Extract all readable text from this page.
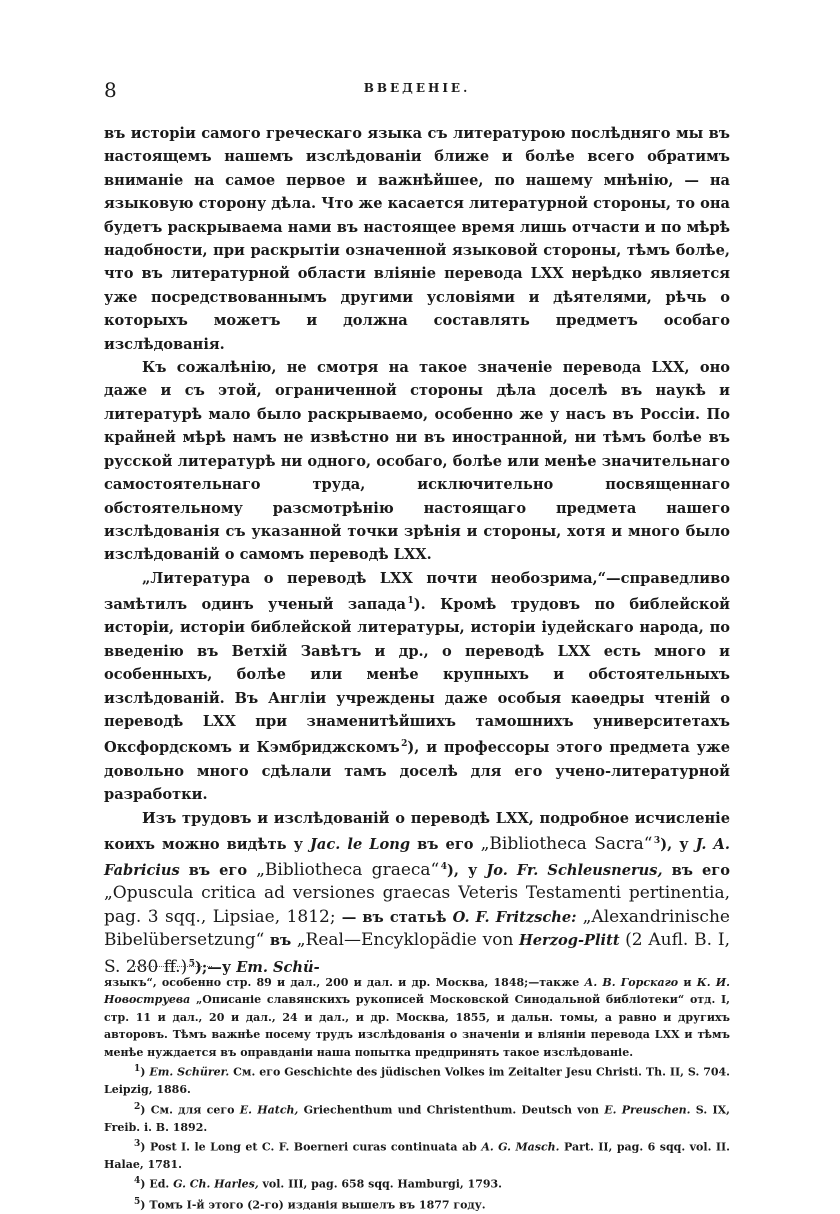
8	ВВЕДЕНІЕ.

въ исторіи самого греческаго языка съ литературою послѣдняго мы въ настоящемъ нашемъ изслѣдованіи ближе и болѣе всего обратимъ вниманіе на самое первое и важнѣйшее, по нашему мнѣнію, — на языковую сторону дѣла. Что же касается литературной стороны, то она будетъ раскрываема нами въ настоящее время лишь отчасти и по мѣрѣ надобности, при раскрытіи означенной языковой стороны, тѣмъ болѣе, что въ литературной области вліяніе перевода LXX нерѣдко является уже посредствованнымъ другими условіями и дѣятелями, рѣчь о которыхъ можетъ и должна составлять предметъ особаго изслѣдованія.

Къ сожалѣнію, не смотря на такое значеніе перевода LXX, оно даже и съ этой, ограниченной стороны дѣла доселѣ въ наукѣ и литературѣ мало было раскрываемо, особенно же у насъ въ Россіи. По крайней мѣрѣ намъ не извѣстно ни въ иностранной, ни тѣмъ болѣе въ русской литературѣ ни одного, особаго, болѣе или менѣе значительнаго самостоятельнаго труда, исключительно посвященнаго обстоятельному разсмотрѣнію настоящаго предмета нашего изслѣдованія съ указанной точки зрѣнія и стороны, хотя и много было изслѣдованій о самомъ переводѣ LXX.

„Литература о переводѣ LXX почти необозрима,“—справедливо замѣтилъ одинъ ученый запада $^1$). Кромѣ трудовъ по библейской исторіи, исторіи библейской литературы, исторіи іудейскаго народа, по введенію въ Ветхій Завѣтъ и др., о переводѣ LXX есть много и особенныхъ, болѣе или менѣе крупныхъ и обстоятельныхъ изслѣдованій. Въ Англіи учреждены даже особыя каѳедры чтеній о переводѣ LXX при знаменитѣйшихъ тамошнихъ университетахъ Оксфордскомъ и Кэмбриджскомъ $^2$), и профессоры этого предмета уже довольно много сдѣлали тамъ доселѣ для его учено-литературной разработки.

Изъ трудовъ и изслѣдованій о переводѣ LXX, подробное исчисленіе коихъ можно видѣть у Jac. le Long въ его „Bibliotheca Sacra“ $^3$), у J. A. Fabricius въ его „Bibliotheca graeca“ $^4$), у Jo. Fr. Schleusnerus, въ его „Opuscula critica ad versiones graecas Veteris Testamenti pertinentia, pag. 3 sqq., Lipsiae, 1812; — въ статьѣ O. F. Fritzsche: „Alexandrinische Bibelübersetzung“ въ „Real—Encyklopädie von Herzog-Plitt (2 Aufl. B. I, S. 280 ff.) $^5$);—у Em. Schü-

языкъ“, особенно стр. 89 и дал., 200 и дал. и др. Москва, 1848;—также А. В. Горскаго и К. И. Новоструева „Описаніе славянскихъ рукописей Московской Синодальной библіотеки“ отд. I, стр. 11 и дал., 20 и дал., 24 и дал., и др. Москва, 1855, и дальн. томы, а равно и другихъ авторовъ. Тѣмъ важнѣе посему трудъ изслѣдованія о значеніи и вліяніи перевода LXX и тѣмъ менѣе нуждается въ оправданіи наша попытка предпринять такое изслѣдованіе.

$^1$) Em. Schürer. См. его Geschichte des jüdischen Volkes im Zeitalter Jesu Christi. Th. II, S. 704. Leipzig, 1886.

$^2$) См. для сего E. Hatch, Griechenthum und Christenthum. Deutsch von E. Preuschen. S. IX, Freib. i. B. 1892.

$^3$) Post I. le Long et C. F. Boerneri curas continuata ab A. G. Masch. Part. II, pag. 6 sqq. vol. II. Halae, 1781.

$^4$) Ed. G. Ch. Harles, vol. III, pag. 658 sqq. Hamburgi, 1793.

$^5$) Томъ I-й этого (2-го) изданія вышелъ въ 1877 году.
